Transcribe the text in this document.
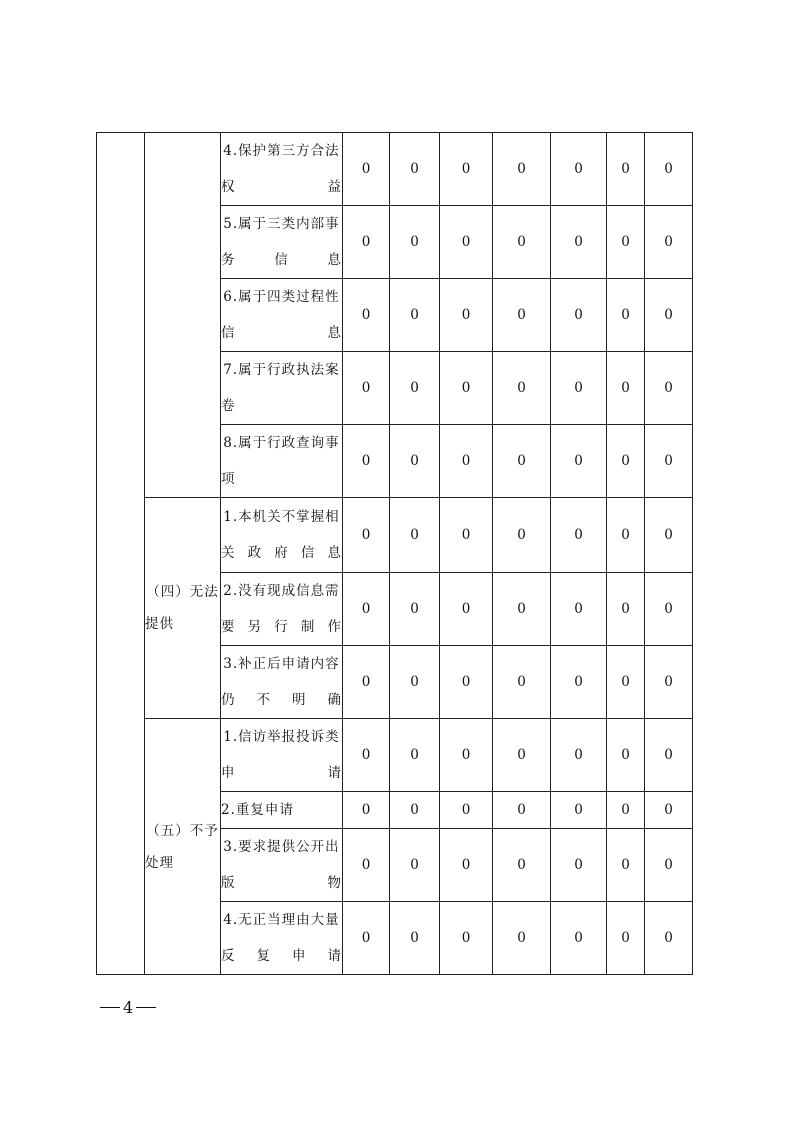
		4.保护第三方合法权益	0	0	0	0	0	0	0
		5.属于三类内部事务信息	0	0	0	0	0	0	0
		6.属于四类过程性信息	0	0	0	0	0	0	0
		7.属于行政执法案卷	0	0	0	0	0	0	0
		8.属于行政查询事项	0	0	0	0	0	0	0
	（四）无法提供	1.本机关不掌握相关政府信息	0	0	0	0	0	0	0
		2.没有现成信息需要另行制作	0	0	0	0	0	0	0
		3.补正后申请内容仍不明确	0	0	0	0	0	0	0
	（五）不予处理	1.信访举报投诉类申请	0	0	0	0	0	0	0
		2.重复申请	0	0	0	0	0	0	0
		3.要求提供公开出版物	0	0	0	0	0	0	0
		4.无正当理由大量反复申请	0	0	0	0	0	0	0
4
